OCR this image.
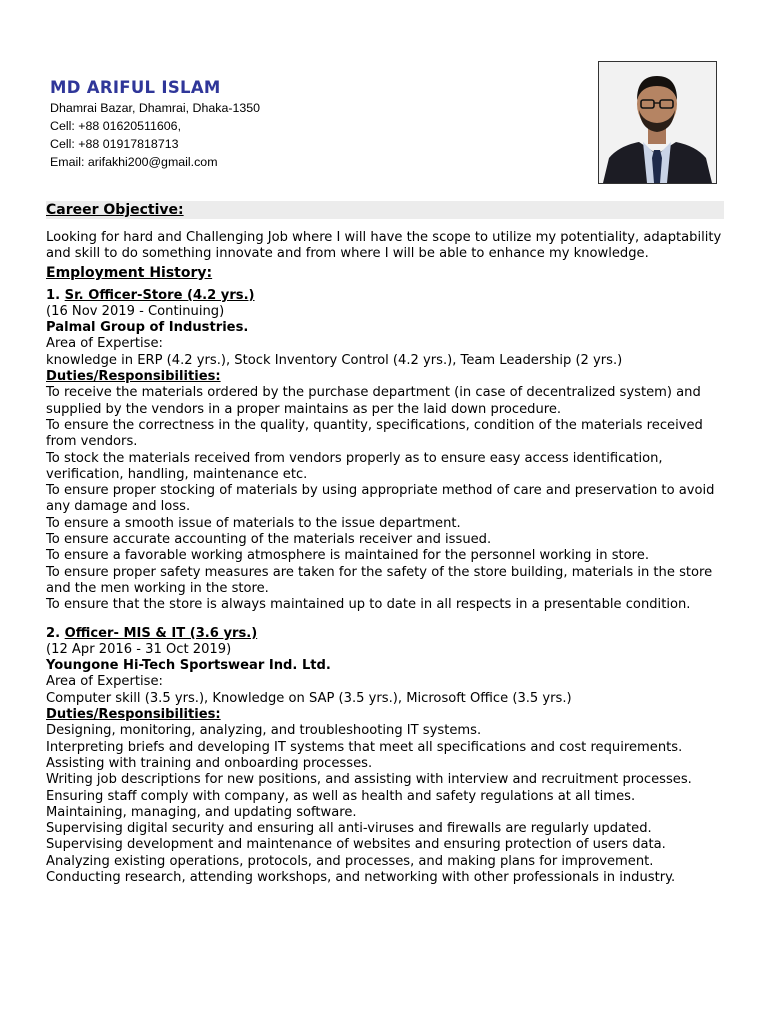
MD ARIFUL ISLAM
Dhamrai Bazar, Dhamrai, Dhaka-1350
Cell: +88 01620511606,
Cell: +88 01917818713
Email: arifakhi200@gmail.com
Career Objective:
Looking for hard and Challenging Job where I will have the scope to utilize my potentiality, adaptability and skill to do something innovate and from where I will be able to enhance my knowledge.
Employment History:
1. Sr. Officer-Store (4.2 yrs.)
(16 Nov 2019 - Continuing)
Palmal Group of Industries.
Area of Expertise:
knowledge in ERP (4.2 yrs.), Stock Inventory Control (4.2 yrs.), Team Leadership (2 yrs.)
Duties/Responsibilities:
To receive the materials ordered by the purchase department (in case of decentralized system) and supplied by the vendors in a proper maintains as per the laid down procedure.
To ensure the correctness in the quality, quantity, specifications, condition of the materials received from vendors.
To stock the materials received from vendors properly as to ensure easy access identification, verification, handling, maintenance etc.
To ensure proper stocking of materials by using appropriate method of care and preservation to avoid any damage and loss.
To ensure a smooth issue of materials to the issue department.
To ensure accurate accounting of the materials receiver and issued.
To ensure a favorable working atmosphere is maintained for the personnel working in store.
To ensure proper safety measures are taken for the safety of the store building, materials in the store and the men working in the store.
To ensure that the store is always maintained up to date in all respects in a presentable condition.
2. Officer- MIS & IT (3.6 yrs.)
(12 Apr 2016 - 31 Oct 2019)
Youngone Hi-Tech Sportswear Ind. Ltd.
Area of Expertise:
Computer skill (3.5 yrs.), Knowledge on SAP (3.5 yrs.), Microsoft Office (3.5 yrs.)
Duties/Responsibilities:
Designing, monitoring, analyzing, and troubleshooting IT systems.
Interpreting briefs and developing IT systems that meet all specifications and cost requirements.
Assisting with training and onboarding processes.
Writing job descriptions for new positions, and assisting with interview and recruitment processes.
Ensuring staff comply with company, as well as health and safety regulations at all times.
Maintaining, managing, and updating software.
Supervising digital security and ensuring all anti-viruses and firewalls are regularly updated.
Supervising development and maintenance of websites and ensuring protection of users data.
Analyzing existing operations, protocols, and processes, and making plans for improvement.
Conducting research, attending workshops, and networking with other professionals in industry.
